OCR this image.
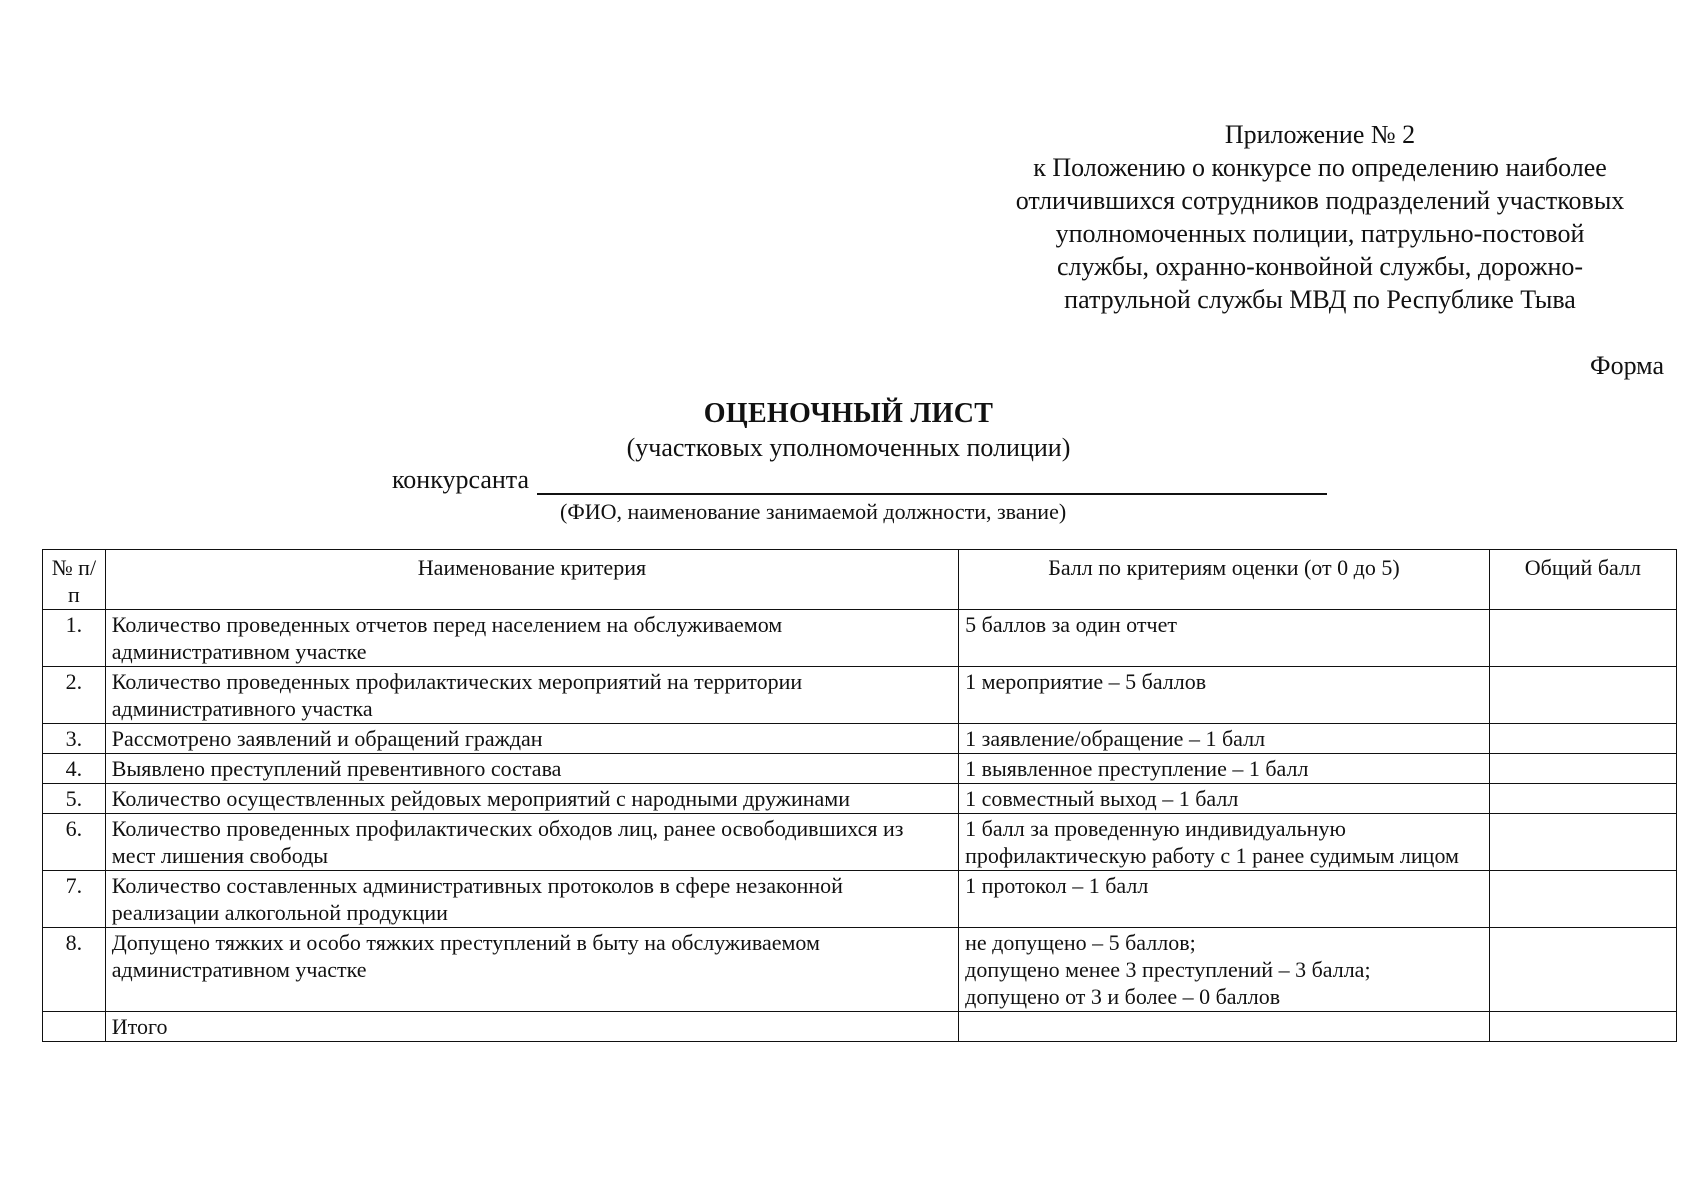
Приложение № 2
к Положению о конкурсе по определению наиболее
отличившихся сотрудников подразделений участковых
уполномоченных полиции, патрульно-постовой
службы, охранно-конвойной службы, дорожно-
патрульной службы МВД по Республике Тыва
Форма
ОЦЕНОЧНЫЙ ЛИСТ
(участковых уполномоченных полиции)
конкурсанта
(ФИО, наименование занимаемой должности, звание)
№ п/п	Наименование критерия	Балл по критериям оценки (от 0 до 5)	Общий балл
1.	Количество проведенных отчетов перед населением на обслуживаемом административном участке	5 баллов за один отчет	
2.	Количество проведенных профилактических мероприятий на территории административного участка	1 мероприятие – 5 баллов	
3.	Рассмотрено заявлений и обращений граждан	1 заявление/обращение – 1 балл	
4.	Выявлено преступлений превентивного состава	1 выявленное преступление – 1 балл	
5.	Количество осуществленных рейдовых мероприятий с народными дружинами	1 совместный выход – 1 балл	
6.	Количество проведенных профилактических обходов лиц, ранее освободившихся из мест лишения свободы	1 балл за проведенную индивидуальную профилактическую работу с 1 ранее судимым лицом	
7.	Количество составленных административных протоколов в сфере незаконной реализации алкогольной продукции	1 протокол – 1 балл	
8.	Допущено тяжких и особо тяжких преступлений в быту на обслуживаемом административном участке	не допущено – 5 баллов;
допущено менее 3 преступлений – 3 балла;
допущено от 3 и более – 0 баллов	

	Итого		
